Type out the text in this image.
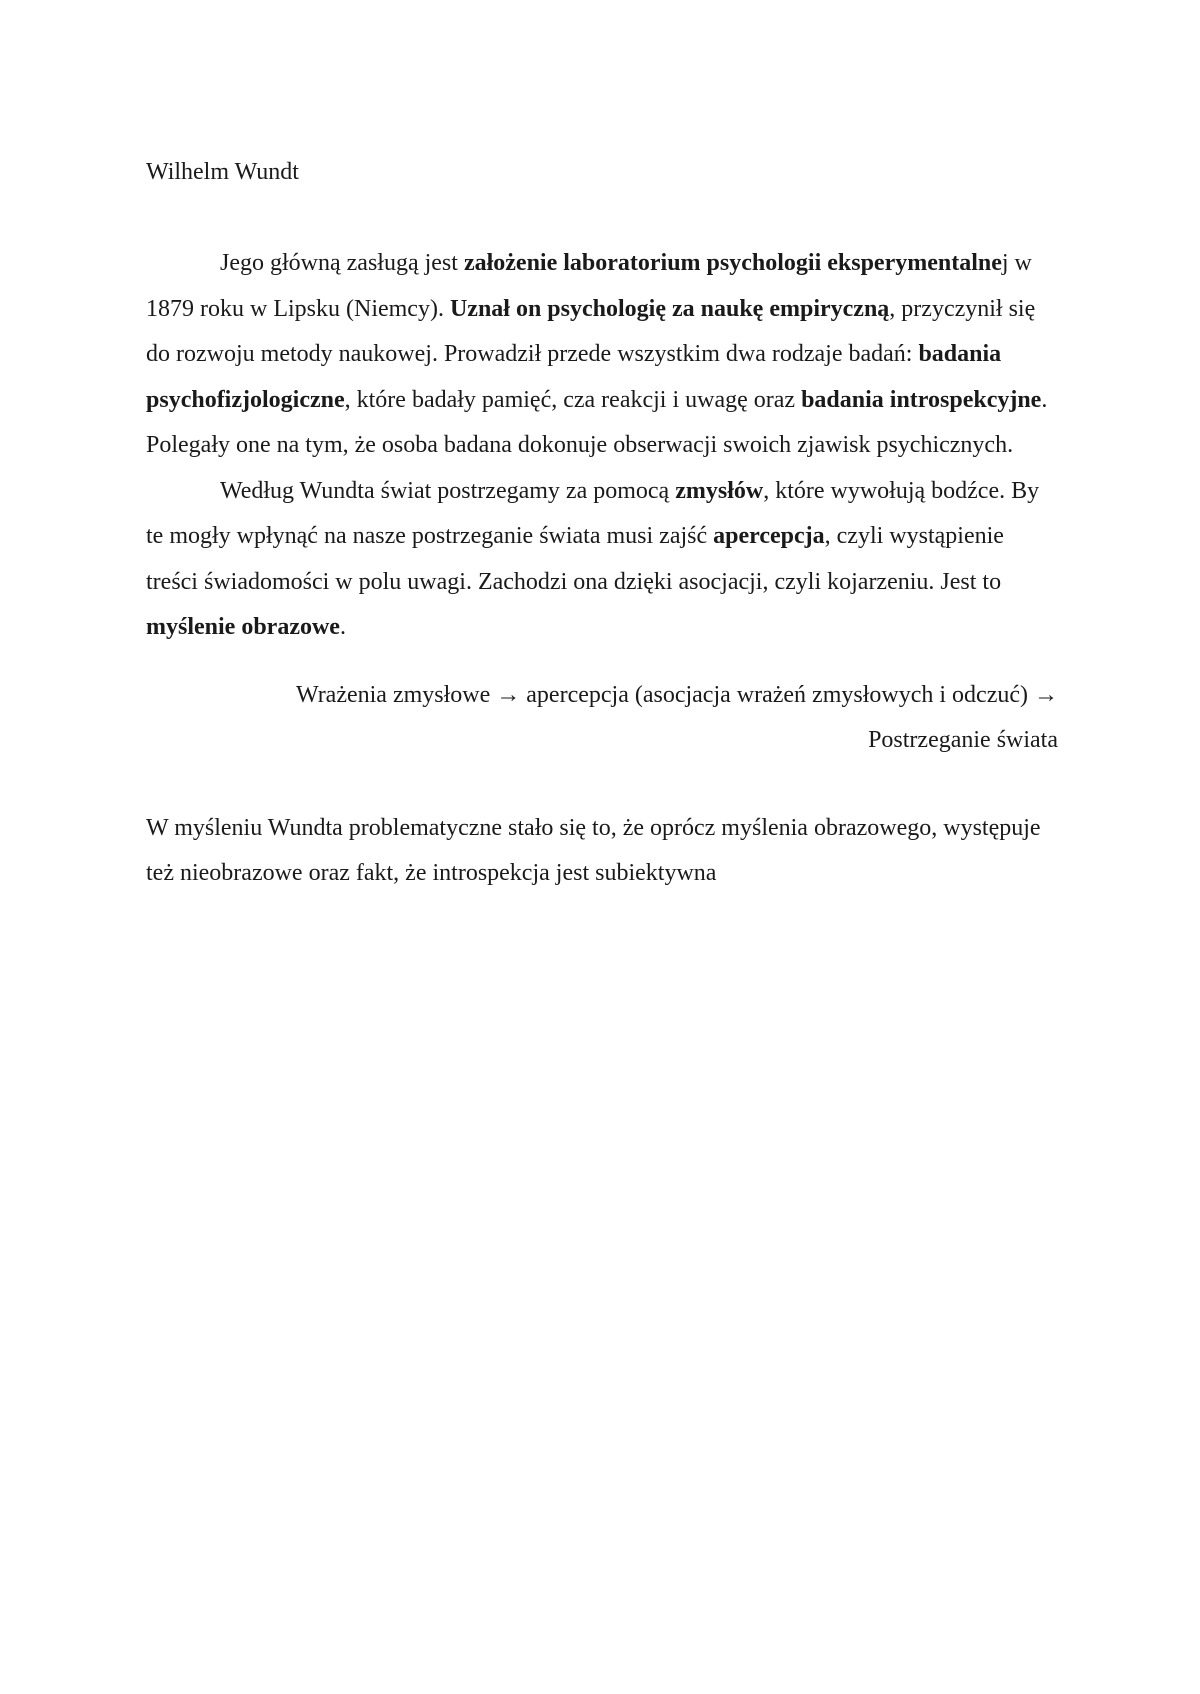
Wilhelm Wundt

Jego główną zasługą jest założenie laboratorium psychologii eksperymentalnej w 1879 roku w Lipsku (Niemcy). Uznał on psychologię za naukę empiryczną, przyczynił się do rozwoju metody naukowej. Prowadził przede wszystkim dwa rodzaje badań: badania psychofizjologiczne, które badały pamięć, cza reakcji i uwagę oraz badania introspekcyjne. Polegały one na tym, że osoba badana dokonuje obserwacji swoich zjawisk psychicznych.

Według Wundta świat postrzegamy za pomocą zmysłów, które wywołują bodźce. By te mogły wpłynąć na nasze postrzeganie świata musi zajść apercepcja, czyli wystąpienie treści świadomości w polu uwagi. Zachodzi ona dzięki asocjacji, czyli kojarzeniu. Jest to myślenie obrazowe.

Wrażenia zmysłowe → apercepcja (asocjacja wrażeń zmysłowych i odczuć) →
Postrzeganie świata

W myśleniu Wundta problematyczne stało się to, że oprócz myślenia obrazowego, występuje też nieobrazowe oraz fakt, że introspekcja jest subiektywna
